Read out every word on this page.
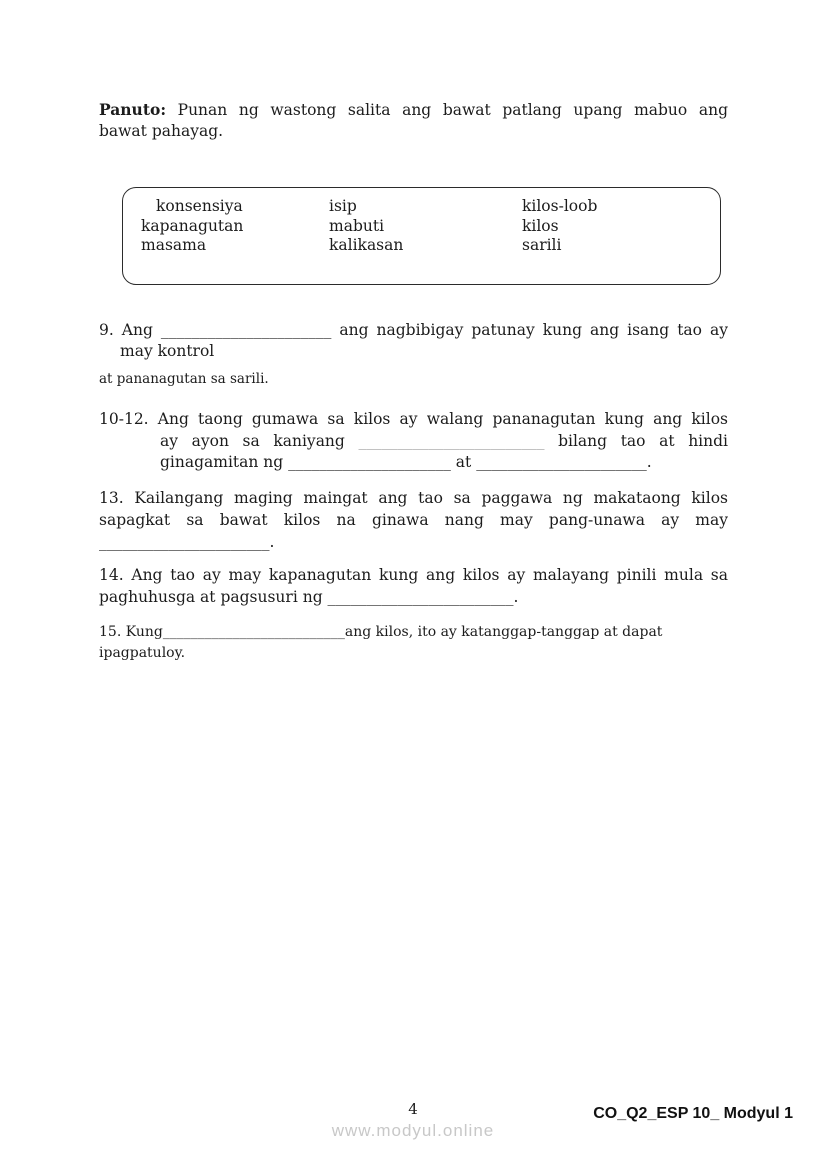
Panuto: Punan ng wastong salita ang bawat patlang upang mabuo ang
bawat pahayag.
konsensiya	isip	kilos-loob
kapanagutan	mabuti	kilos
masama	kalikasan	sarili
9. Ang ______________________ ang nagbibigay patunay kung ang isang tao ay
may kontrol
at pananagutan sa sarili.
10-12. Ang taong gumawa sa kilos ay walang pananagutan kung ang kilos
ay ayon sa kaniyang ________________________ bilang tao at hindi
ginagamitan ng _____________________ at ______________________.
13. Kailangang maging maingat ang tao sa paggawa ng makataong kilos
sapagkat sa bawat kilos na ginawa nang may pang-unawa ay may
______________________.
14. Ang tao ay may kapanagutan kung ang kilos ay malayang pinili mula sa
paghuhusga at pagsusuri ng ________________________.
15. Kung__________________________ang kilos, ito ay katanggap-tanggap at dapat
ipagpatuloy.
4
www.modyul.online
CO_Q2_ESP 10_ Modyul 1
